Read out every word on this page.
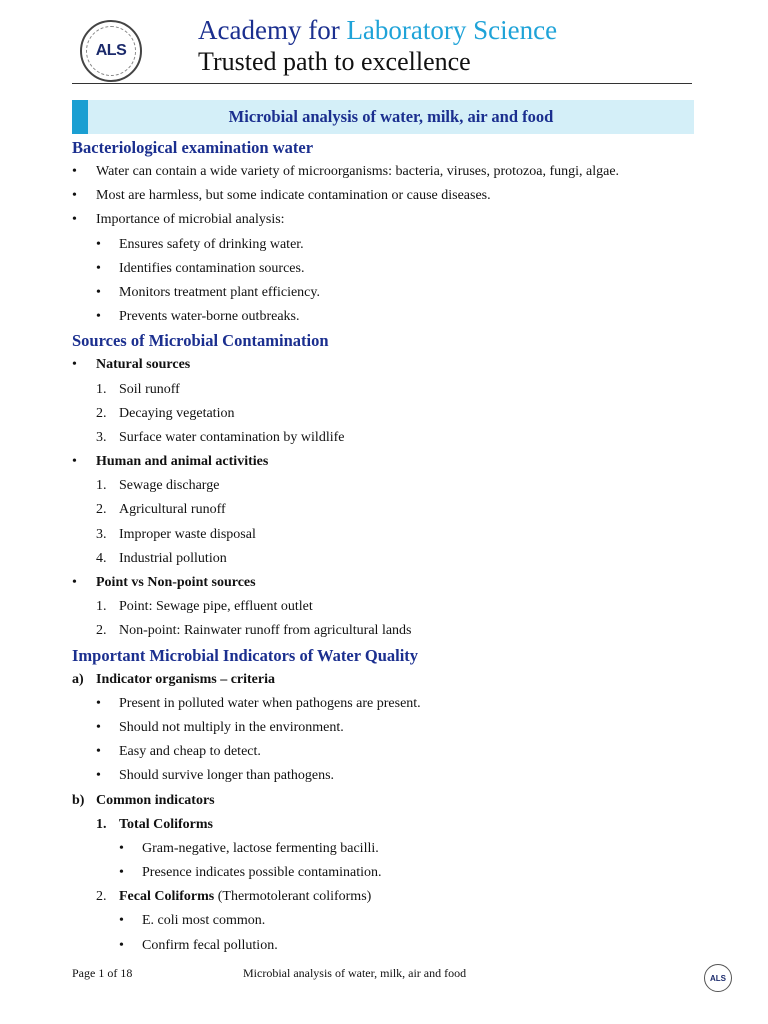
ALS
Academy for Laboratory Science
Trusted path to excellence
Microbial analysis of water, milk, air and food
Bacteriological examination water
• Water can contain a wide variety of microorganisms: bacteria, viruses, protozoa, fungi, algae.
• Most are harmless, but some indicate contamination or cause diseases.
• Importance of microbial analysis:
• Ensures safety of drinking water.
• Identifies contamination sources.
• Monitors treatment plant efficiency.
• Prevents water-borne outbreaks.
Sources of Microbial Contamination
• Natural sources
1. Soil runoff
2. Decaying vegetation
3. Surface water contamination by wildlife
• Human and animal activities
1. Sewage discharge
2. Agricultural runoff
3. Improper waste disposal
4. Industrial pollution
• Point vs Non-point sources
1. Point: Sewage pipe, effluent outlet
2. Non-point: Rainwater runoff from agricultural lands
Important Microbial Indicators of Water Quality
a) Indicator organisms – criteria
• Present in polluted water when pathogens are present.
• Should not multiply in the environment.
• Easy and cheap to detect.
• Should survive longer than pathogens.
b) Common indicators
1. Total Coliforms
• Gram-negative, lactose fermenting bacilli.
• Presence indicates possible contamination.
2. Fecal Coliforms (Thermotolerant coliforms)
• E. coli most common.
• Confirm fecal pollution.
Page 1 of 18	Microbial analysis of water, milk, air and food	ALS
